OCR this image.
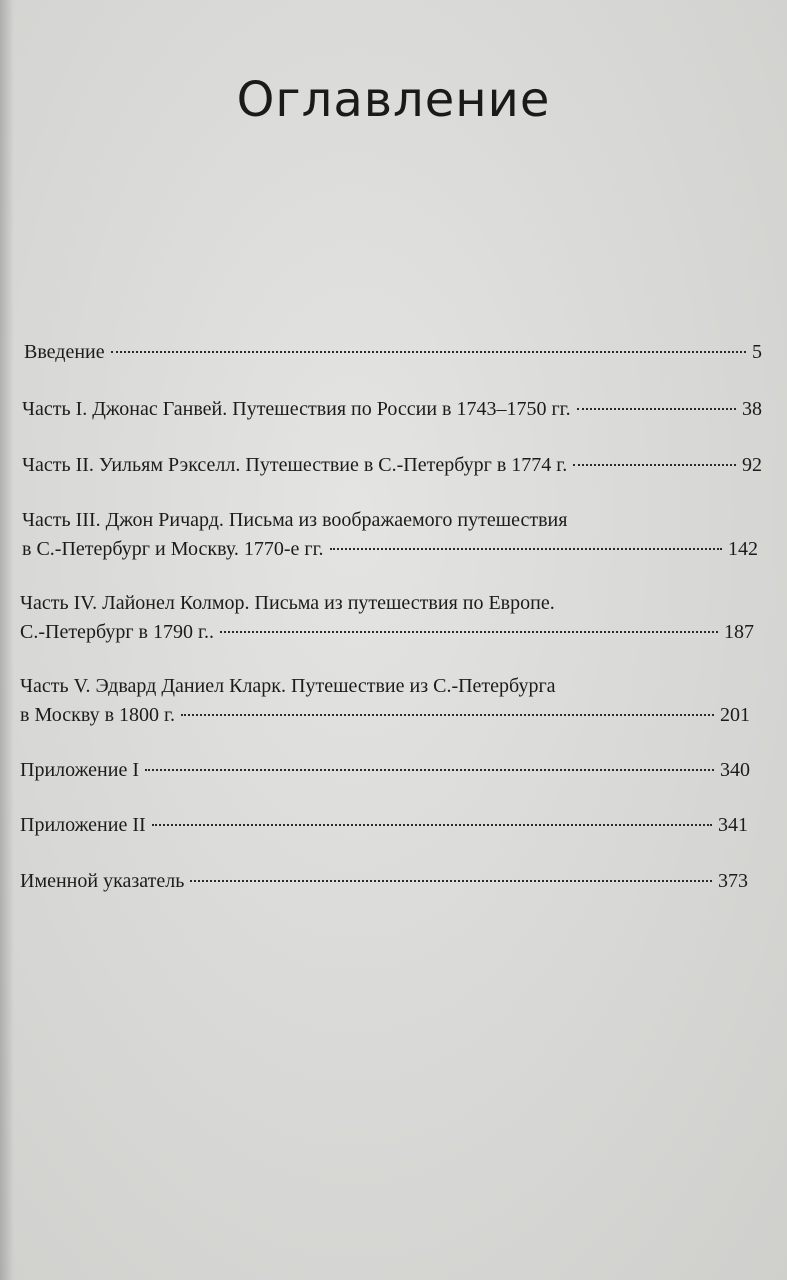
Оглавление
Введение	5
Часть I. Джонас Ганвей. Путешествия по России в 1743–1750 гг.	38
Часть II. Уильям Рэкселл. Путешествие в С.-Петербург в 1774 г.	92
Часть III. Джон Ричард. Письма из воображаемого путешествия
в С.-Петербург и Москву. 1770-е гг.	142
Часть IV. Лайонел Колмор. Письма из путешествия по Европе.
С.-Петербург в 1790 г..	187
Часть V. Эдвард Даниел Кларк. Путешествие из С.-Петербурга
в Москву в 1800 г.	201
Приложение I	340
Приложение II	341
Именной указатель	373
